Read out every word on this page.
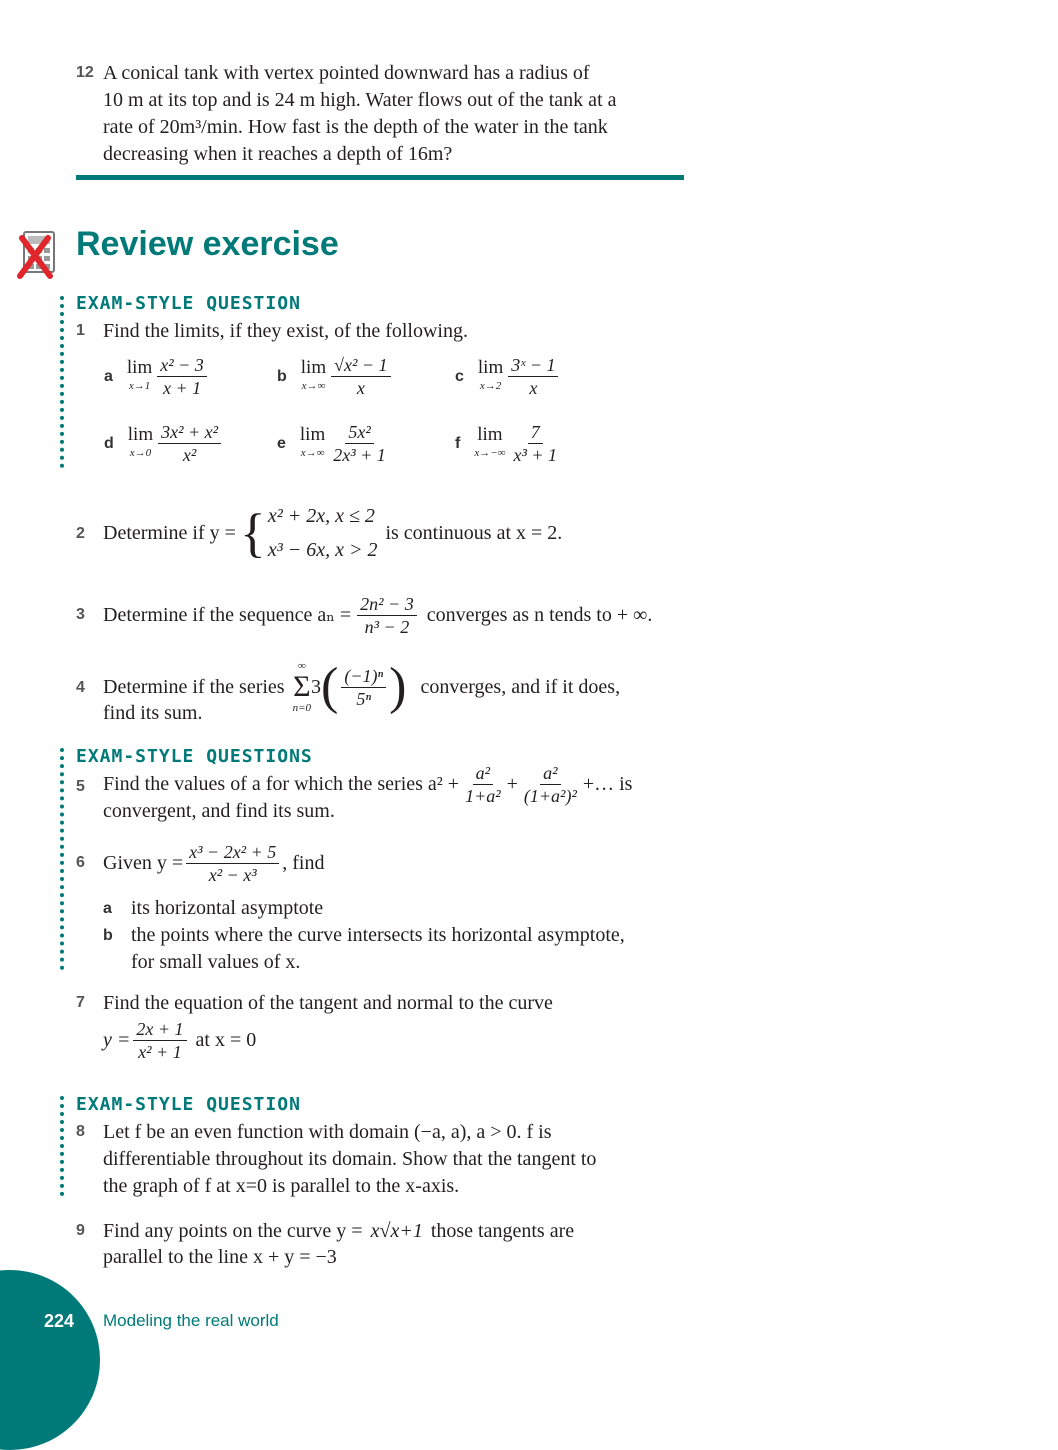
12 A conical tank with vertex pointed downward has a radius of
10 m at its top and is 24 m high. Water flows out of the tank at a
rate of 20m³/min. How fast is the depth of the water in the tank
decreasing when it reaches a depth of 16m?
Review exercise
EXAM-STYLE QUESTION
1 Find the limits, if they exist, of the following.
a lim
$x\to 1 \frac{\text{x² − 3}}{x + 1}$	b lim
$x\to\infty \frac{\text{√x² − 1}}{x}$	c lim
$x\to 2 \frac{\text{3ˣ − 1}}{x}$
d lim
$x\to 0 \frac{\text{3x² + x²}}{\text{x²}}$	e lim
$x\to\infty \frac{\text{5x²}}{\text{2x³ + 1}}$	f lim
$x\to-\infty \frac{7}{\text{x³ + 1}}$
2 Determine if y = { x² + 2x, x ≤ 2
x³ − 6x, x > 2
is continuous at x = 2.
3 Determine if the sequence $a_n = \frac{\text{2n² − 3}}{\text{n³ − 2}}$ converges as n tends to + ∞.
4 Determine if the series
∞
Σ
n=0
3 ( $\frac{\text{(−1)ⁿ}}{\text{5ⁿ}}$ ) converges, and if it does,
find its sum.
EXAM-STYLE QUESTIONS
5 Find the values of a for which the series $a^2 + \frac{\text{a²}}{\text{1+a²}} + \frac{\text{a²}}{\text{(1+a²)²}}$ +… is
convergent, and find its sum.
6 Given $y = \frac{\text{x³ − 2x² + 5}}{\text{x² − x³}}$ , find
a its horizontal asymptote
b the points where the curve intersects its horizontal asymptote,
for small values of x.
7 Find the equation of the tangent and normal to the curve
$y = \frac{2x + 1}{\text{x² + 1}}$ at x = 0
EXAM-STYLE QUESTION
8 Let f be an even function with domain (−a, a), a > 0. f is
differentiable throughout its domain. Show that the tangent to
the graph of f at x=0 is parallel to the x-axis.
9 Find any points on the curve y = x√x+1 those tangents are
parallel to the line x + y = −3
224 Modeling the real world
